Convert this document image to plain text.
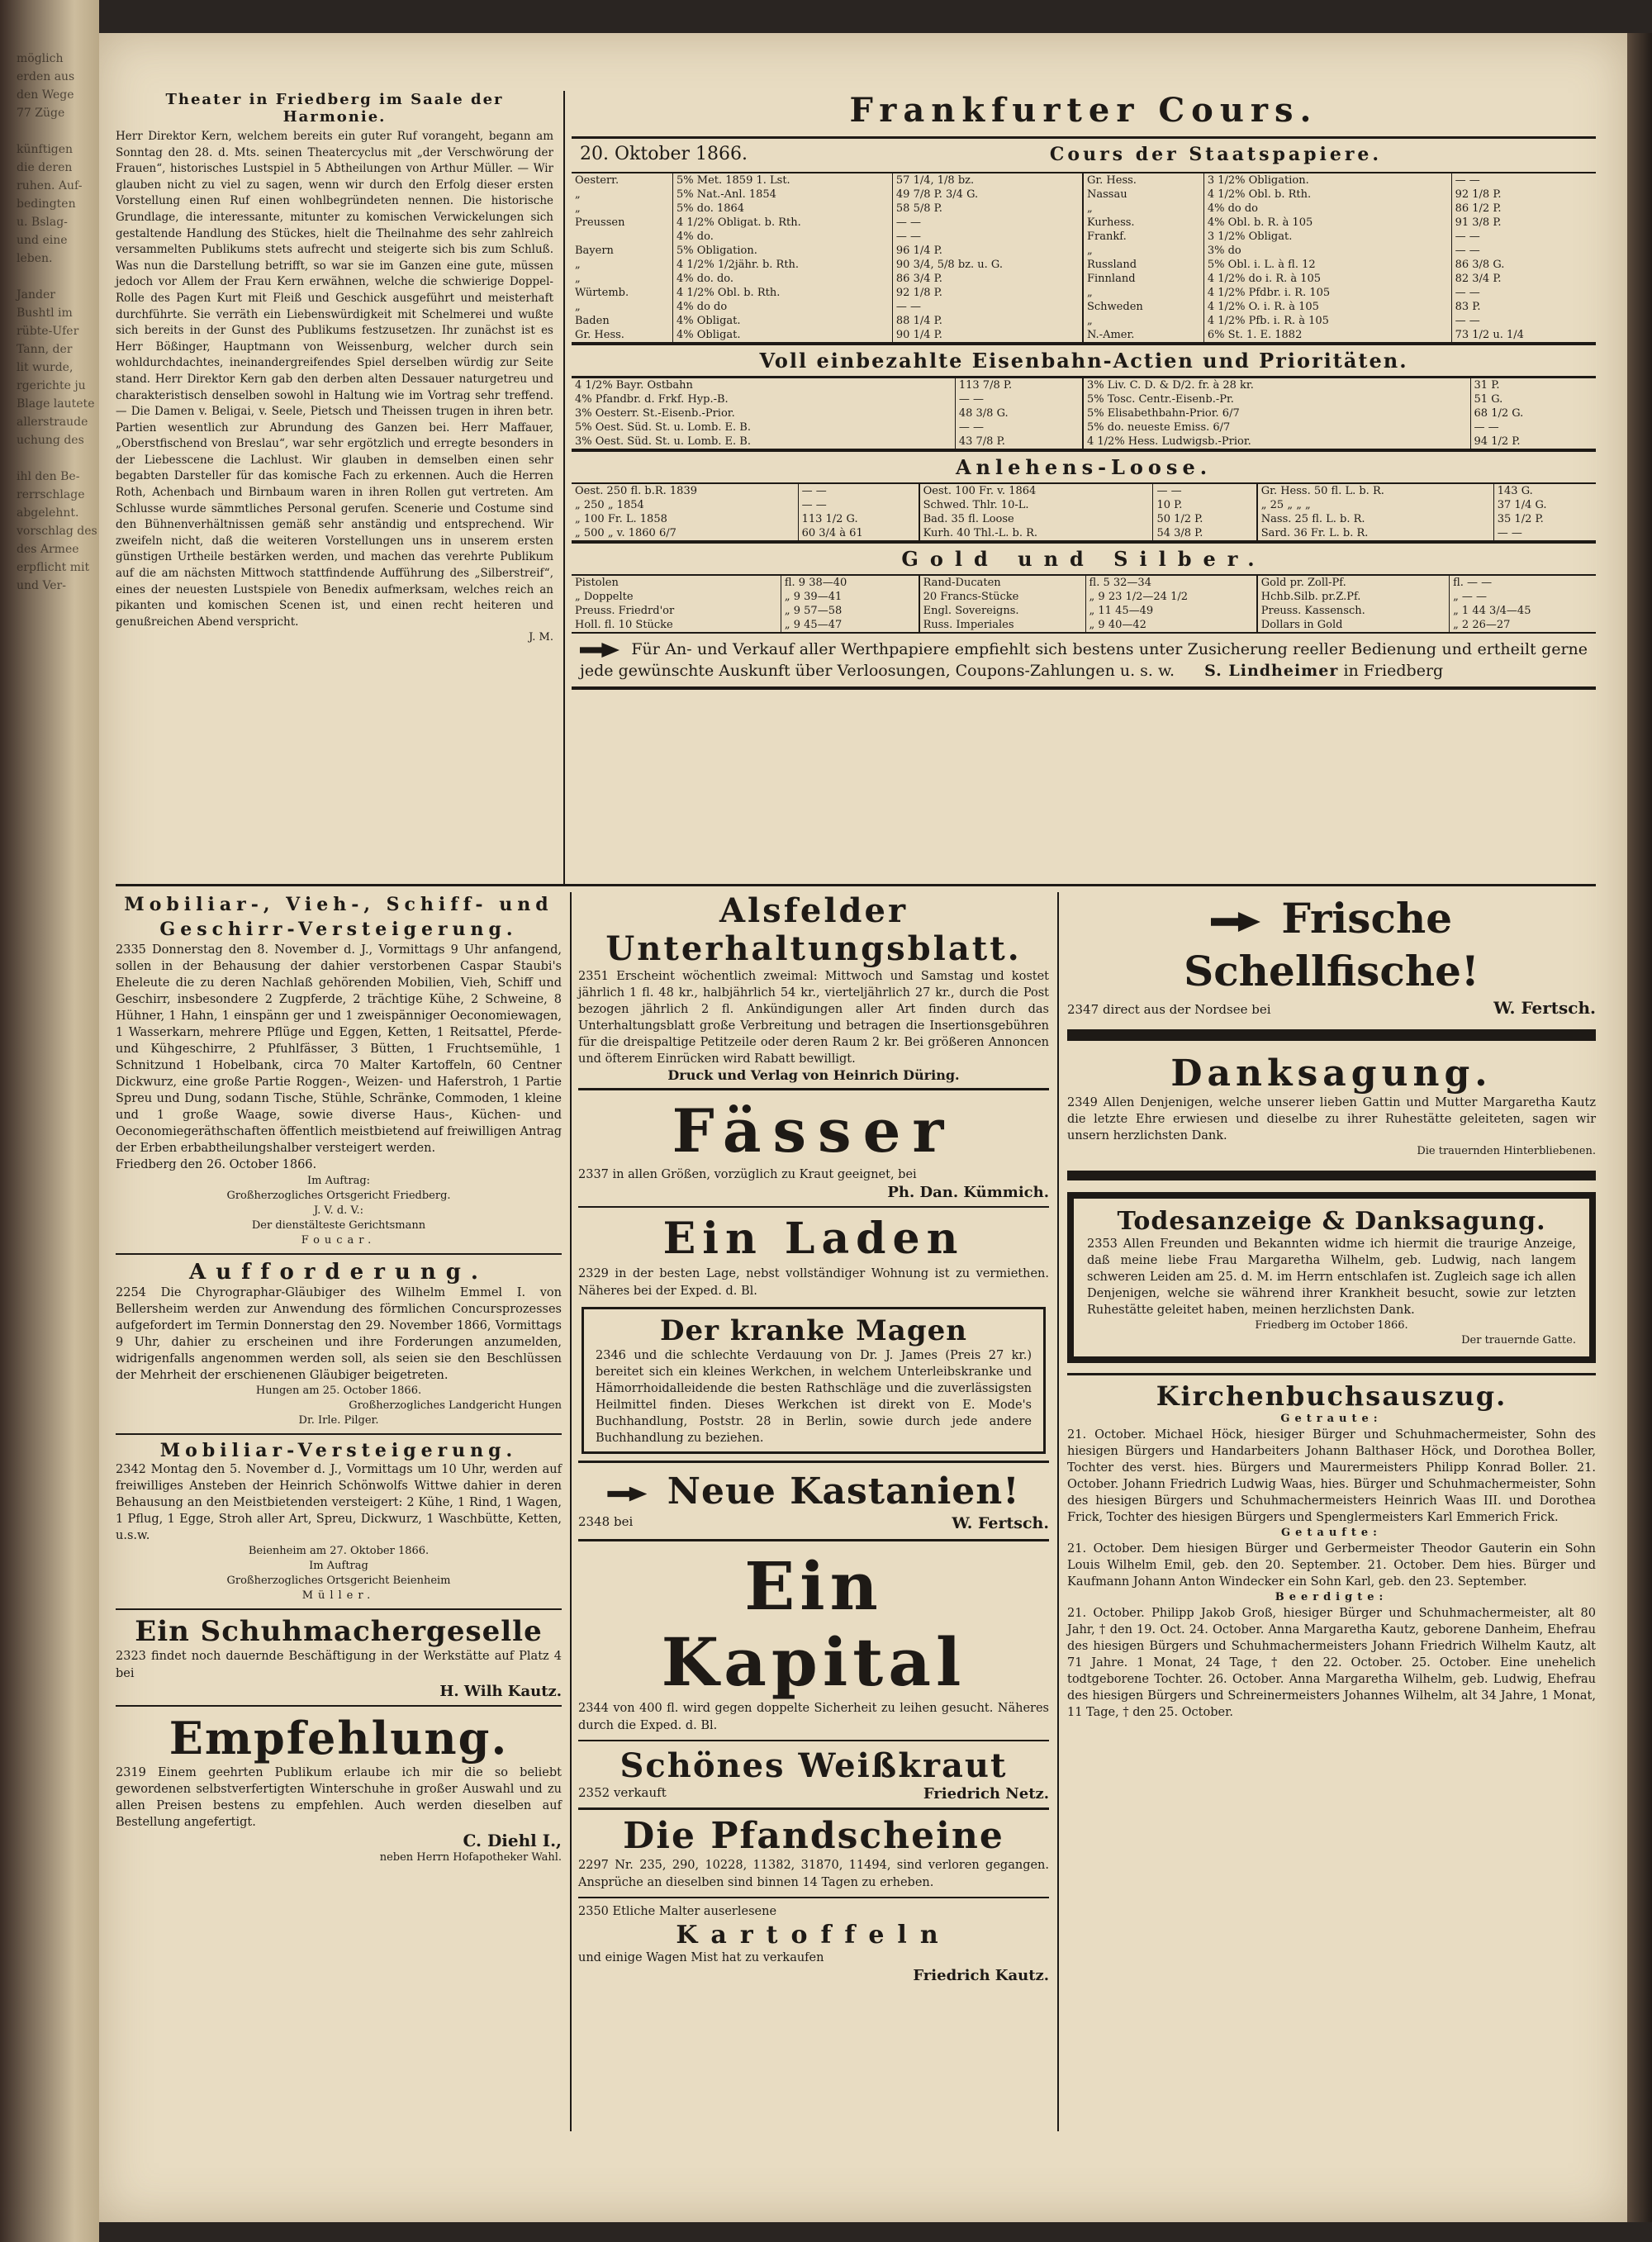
möglich
erden aus
den Wege
77 Züge

künftigen
die deren
ruhen. Auf-
bedingten
u. Bslag-
und eine
leben.

Jander
Bushtl im
rübte-Ufer
Tann, der
lit wurde,
rgerichte ju
Blage lautete
allerstraude
uchung des

ihl den Be-
rerrschlage
abgelehnt.
vorschlag des
des Armee
erpflicht mit
und Ver-
Theater in Friedberg im Saale der Harmonie.
Herr Direktor Kern, welchem bereits ein guter Ruf vorangeht, begann am Sonntag den 28. d. Mts. seinen Theatercyclus mit „der Verschwörung der Frauen“, historisches Lustspiel in 5 Abtheilungen von Arthur Müller. — Wir glauben nicht zu viel zu sagen, wenn wir durch den Erfolg dieser ersten Vorstellung einen Ruf einen wohlbegründeten nennen. Die historische Grundlage, die interessante, mitunter zu komischen Verwickelungen sich gestaltende Handlung des Stückes, hielt die Theilnahme des sehr zahlreich versammelten Publikums stets aufrecht und steigerte sich bis zum Schluß. Was nun die Darstellung betrifft, so war sie im Ganzen eine gute, müssen jedoch vor Allem der Frau Kern erwähnen, welche die schwierige Doppel-Rolle des Pagen Kurt mit Fleiß und Geschick ausgeführt und meisterhaft durchführte. Sie verräth ein Liebenswürdigkeit mit Schelmerei und wußte sich bereits in der Gunst des Publikums festzusetzen. Ihr zunächst ist es Herr Bößinger, Hauptmann von Weissenburg, welcher durch sein wohldurchdachtes, ineinandergreifendes Spiel derselben würdig zur Seite stand. Herr Direktor Kern gab den derben alten Dessauer naturgetreu und charakteristisch denselben sowohl in Haltung wie im Vortrag sehr treffend. — Die Damen v. Beligai, v. Seele, Pietsch und Theissen trugen in ihren betr. Partien wesentlich zur Abrundung des Ganzen bei. Herr Maffauer, „Oberstfischend von Breslau“, war sehr ergötzlich und erregte besonders in der Liebesscene die Lachlust. Wir glauben in demselben einen sehr begabten Darsteller für das komische Fach zu erkennen. Auch die Herren Roth, Achenbach und Birnbaum waren in ihren Rollen gut vertreten. Am Schlusse wurde sämmtliches Personal gerufen. Scenerie und Costume sind den Bühnenverhältnissen gemäß sehr anständig und entsprechend. Wir zweifeln nicht, daß die weiteren Vorstellungen uns in unserem ersten günstigen Urtheile bestärken werden, und machen das verehrte Publikum auf die am nächsten Mittwoch stattfindende Aufführung des „Silberstreif“, eines der neuesten Lustspiele von Benedix aufmerksam, welches reich an pikanten und komischen Scenen ist, und einen recht heiteren und genußreichen Abend verspricht.
J. M.
Frankfurter Cours.
20. Oktober 1866.	Cours der Staatspapiere.
Oesterr.	5% Met. 1859 1. Lst.	57 1/4, 1/8 bz.
„	5% Nat.-Anl. 1854	49 7/8 P. 3/4 G.
„	5% do. 1864	58 5/8 P.
Preussen	4 1/2% Obligat. b. Rth.	— —
	4% do.	— —
Bayern	5% Obligation.	96 1/4 P.
„	4 1/2% 1/2jähr. b. Rth.	90 3/4, 5/8 bz. u. G.
„	4% do. do.	86 3/4 P.
Würtemb.	4 1/2% Obl. b. Rth.	92 1/8 P.
„	4% do do	— —
Baden	4% Obligat.	88 1/4 P.
Gr. Hess.	4% Obligat.	90 1/4 P.
Gr. Hess.	3 1/2% Obligation.	— —
Nassau	4 1/2% Obl. b. Rth.	92 1/8 P.
„	4% do do	86 1/2 P.
Kurhess.	4% Obl. b. R. à 105	91 3/8 P.
Frankf.	3 1/2% Obligat.	— —
„	3% do	— —
Russland	5% Obl. i. L. à fl. 12	86 3/8 G.
Finnland	4 1/2% do i. R. à 105	82 3/4 P.
„	4 1/2% Pfdbr. i. R. 105	— —
Schweden	4 1/2% O. i. R. à 105	83 P.
„	4 1/2% Pfb. i. R. à 105	— —
N.-Amer.	6% St. 1. E. 1882	73 1/2 u. 1/4
Voll einbezahlte Eisenbahn-Actien und Prioritäten.
4 1/2% Bayr. Ostbahn	113 7/8 P.
4% Pfandbr. d. Frkf. Hyp.-B.	— —
3% Oesterr. St.-Eisenb.-Prior.	48 3/8 G.
5% Oest. Süd. St. u. Lomb. E. B.	— —
3% Oest. Süd. St. u. Lomb. E. B.	43 7/8 P.
3% Liv. C. D. & D/2. fr. à 28 kr.	31 P.
5% Tosc. Centr.-Eisenb.-Pr.	51 G.
5% Elisabethbahn-Prior. 6/7	68 1/2 G.
5% do. neueste Emiss. 6/7	— —
4 1/2% Hess. Ludwigsb.-Prior.	94 1/2 P.
Anlehens-Loose.
Oest. 250 fl. b.R. 1839	— —
„ 250 „ 1854	— —
„ 100 Fr. L. 1858	113 1/2 G.
„ 500 „ v. 1860 6/7	60 3/4 à 61
Oest. 100 Fr. v. 1864	— —
Schwed. Thlr. 10-L.	10 P.
Bad. 35 fl. Loose	50 1/2 P.
Kurh. 40 Thl.-L. b. R.	54 3/8 P.
Gr. Hess. 50 fl. L. b. R.	143 G.
„ 25 „ „ „	37 1/4 G.
Nass. 25 fl. L. b. R.	35 1/2 P.
Sard. 36 Fr. L. b. R.	— —
Gold und Silber.
Pistolen	fl. 9 38—40
„ Doppelte	„ 9 39—41
Preuss. Friedrd'or	„ 9 57—58
Holl. fl. 10 Stücke	„ 9 45—47
Rand-Ducaten	fl. 5 32—34
20 Francs-Stücke	„ 9 23 1/2—24 1/2
Engl. Sovereigns.	„ 11 45—49
Russ. Imperiales	„ 9 40—42
Gold pr. Zoll-Pf.	fl. — —
Hchb.Silb. pr.Z.Pf.	„ — —
Preuss. Kassensch.	„ 1 44 3/4—45
Dollars in Gold	„ 2 26—27
Für An- und Verkauf aller Werthpapiere empfiehlt sich bestens unter Zusicherung reeller Bedienung und ertheilt gerne jede gewünschte Auskunft über Verloosungen, Coupons-Zahlungen u. s. w. S. Lindheimer in Friedberg
Mobiliar-, Vieh-, Schiff- und Geschirr-Versteigerung.
2335 Donnerstag den 8. November d. J., Vormittags 9 Uhr anfangend, sollen in der Behausung der dahier verstorbenen Caspar Staubi's Eheleute die zu deren Nachlaß gehörenden Mobilien, Vieh, Schiff und Geschirr, insbesondere 2 Zugpferde, 2 trächtige Kühe, 2 Schweine, 8 Hühner, 1 Hahn, 1 einspänn ger und 1 zweispänniger Oeconomiewagen, 1 Wasserkarn, mehrere Pflüge und Eggen, Ketten, 1 Reitsattel, Pferde- und Kühgeschirre, 2 Pfuhlfässer, 3 Bütten, 1 Fruchtsemühle, 1 Schnitzund 1 Hobelbank, circa 70 Malter Kartoffeln, 60 Centner Dickwurz, eine große Partie Roggen-, Weizen- und Haferstroh, 1 Partie Spreu und Dung, sodann Tische, Stühle, Schränke, Commoden, 1 kleine und 1 große Waage, sowie diverse Haus-, Küchen- und Oeconomiegeräthschaften öffentlich meistbietend auf freiwilligen Antrag der Erben erbabtheilungshalber versteigert werden.
Friedberg den 26. October 1866.
Im Auftrag:
Großherzogliches Ortsgericht Friedberg.
J. V. d. V.:
Der dienstälteste Gerichtsmann
Foucar.
Aufforderung.
2254 Die Chyrographar-Gläubiger des Wilhelm Emmel I. von Bellersheim werden zur Anwendung des förmlichen Concursprozesses aufgefordert im Termin Donnerstag den 29. November 1866, Vormittags 9 Uhr, dahier zu erscheinen und ihre Forderungen anzumelden, widrigenfalls angenommen werden soll, als seien sie den Beschlüssen der Mehrheit der erschienenen Gläubiger beigetreten.
Hungen am 25. October 1866.
Großherzogliches Landgericht Hungen
Dr. Irle. Pilger.
Mobiliar-Versteigerung.
2342 Montag den 5. November d. J., Vormittags um 10 Uhr, werden auf freiwilliges Ansteben der Heinrich Schönwolfs Wittwe dahier in deren Behausung an den Meistbietenden versteigert: 2 Kühe, 1 Rind, 1 Wagen, 1 Pflug, 1 Egge, Stroh aller Art, Spreu, Dickwurz, 1 Waschbütte, Ketten, u.s.w.
Beienheim am 27. Oktober 1866.
Im Auftrag
Großherzogliches Ortsgericht Beienheim
Müller.
Ein Schuhmachergeselle
2323 findet noch dauernde Beschäftigung in der Werkstätte auf Platz 4 bei
H. Wilh Kautz.
Empfehlung.
2319 Einem geehrten Publikum erlaube ich mir die so beliebt gewordenen selbstverfertigten Winterschuhe in großer Auswahl und zu allen Preisen bestens zu empfehlen. Auch werden dieselben auf Bestellung angefertigt.
C. Diehl I.,
neben Herrn Hofapotheker Wahl.
Alsfelder
Unterhaltungsblatt.
2351 Erscheint wöchentlich zweimal: Mittwoch und Samstag und kostet jährlich 1 fl. 48 kr., halbjährlich 54 kr., vierteljährlich 27 kr., durch die Post bezogen jährlich 2 fl. Ankündigungen aller Art finden durch das Unterhaltungsblatt große Verbreitung und betragen die Insertionsgebühren für die dreispaltige Petitzeile oder deren Raum 2 kr. Bei größeren Annoncen und öfterem Einrücken wird Rabatt bewilligt.
Druck und Verlag von Heinrich Düring.
Fässer
2337 in allen Größen, vorzüglich zu Kraut geeignet, bei
Ph. Dan. Kümmich.
Ein Laden
2329 in der besten Lage, nebst vollständiger Wohnung ist zu vermiethen. Näheres bei der Exped. d. Bl.
Der kranke Magen
2346 und die schlechte Verdauung von Dr. J. James (Preis 27 kr.) bereitet sich ein kleines Werkchen, in welchem Unterleibskranke und Hämorrhoidalleidende die besten Rathschläge und die zuverlässigsten Heilmittel finden. Dieses Werkchen ist direkt von E. Mode's Buchhandlung, Poststr. 28 in Berlin, sowie durch jede andere Buchhandlung zu beziehen.
Neue Kastanien!
2348 bei	W. Fertsch.
Ein Kapital
2344 von 400 fl. wird gegen doppelte Sicherheit zu leihen gesucht. Näheres durch die Exped. d. Bl.
Schönes Weißkraut
2352 verkauft	Friedrich Netz.
Die Pfandscheine
2297 Nr. 235, 290, 10228, 11382, 31870, 11494, sind verloren gegangen. Ansprüche an dieselben sind binnen 14 Tagen zu erheben.
2350 Etliche Malter auserlesene
Kartoffeln
und einige Wagen Mist hat zu verkaufen
Friedrich Kautz.
Frische Schellfische!
2347 direct aus der Nordsee bei	W. Fertsch.
Danksagung.
2349 Allen Denjenigen, welche unserer lieben Gattin und Mutter Margaretha Kautz die letzte Ehre erwiesen und dieselbe zu ihrer Ruhestätte geleiteten, sagen wir unsern herzlichsten Dank.
Die trauernden Hinterbliebenen.
Todesanzeige & Danksagung.
2353 Allen Freunden und Bekannten widme ich hiermit die traurige Anzeige, daß meine liebe Frau Margaretha Wilhelm, geb. Ludwig, nach langem schweren Leiden am 25. d. M. im Herrn entschlafen ist. Zugleich sage ich allen Denjenigen, welche sie während ihrer Krankheit besucht, sowie zur letzten Ruhestätte geleitet haben, meinen herzlichsten Dank.
Friedberg im October 1866.
Der trauernde Gatte.
Kirchenbuchsauszug.
Getraute:
21. October. Michael Höck, hiesiger Bürger und Schuhmachermeister, Sohn des hiesigen Bürgers und Handarbeiters Johann Balthaser Höck, und Dorothea Boller, Tochter des verst. hies. Bürgers und Maurermeisters Philipp Konrad Boller. 21. October. Johann Friedrich Ludwig Waas, hies. Bürger und Schuhmachermeister, Sohn des hiesigen Bürgers und Schuhmachermeisters Heinrich Waas III. und Dorothea Frick, Tochter des hiesigen Bürgers und Spenglermeisters Karl Emmerich Frick.
Getaufte:
21. October. Dem hiesigen Bürger und Gerbermeister Theodor Gauterin ein Sohn Louis Wilhelm Emil, geb. den 20. September. 21. October. Dem hies. Bürger und Kaufmann Johann Anton Windecker ein Sohn Karl, geb. den 23. September.
Beerdigte:
21. October. Philipp Jakob Groß, hiesiger Bürger und Schuhmachermeister, alt 80 Jahr, † den 19. Oct. 24. October. Anna Margaretha Kautz, geborene Danheim, Ehefrau des hiesigen Bürgers und Schuhmachermeisters Johann Friedrich Wilhelm Kautz, alt 71 Jahre. 1 Monat, 24 Tage, † den 22. October. 25. October. Eine unehelich todtgeborene Tochter. 26. October. Anna Margaretha Wilhelm, geb. Ludwig, Ehefrau des hiesigen Bürgers und Schreinermeisters Johannes Wilhelm, alt 34 Jahre, 1 Monat, 11 Tage, † den 25. October.
